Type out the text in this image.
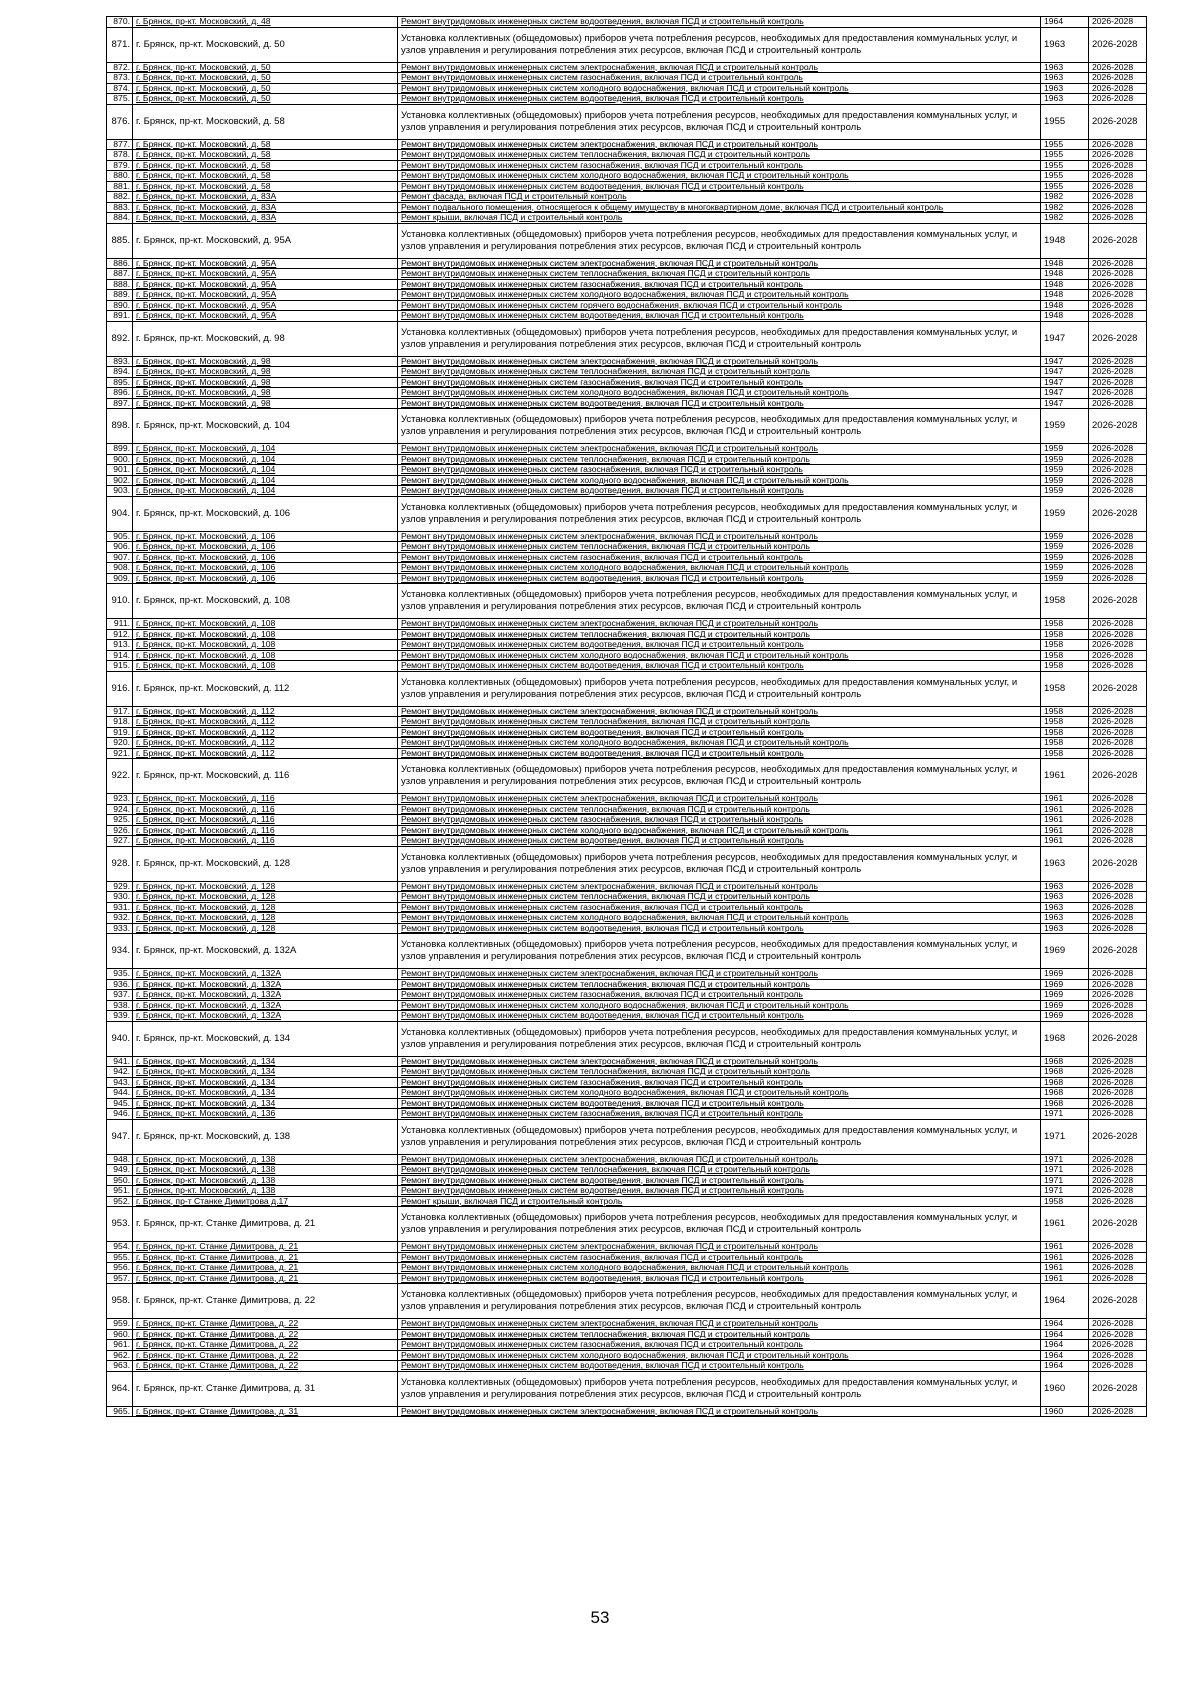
870.	г. Брянск, пр-кт. Московский, д. 48	Ремонт внутридомовых инженерных систем водоотведения, включая ПСД и строительный контроль	1964	2026-2028
871.	г. Брянск, пр-кт. Московский, д. 50	Установка коллективных (общедомовых) приборов учета потребления ресурсов, необходимых для предоставления коммунальных услуг, и узлов управления и регулирования потребления этих ресурсов, включая ПСД и строительный контроль	1963	2026-2028
872.	г. Брянск, пр-кт. Московский, д. 50	Ремонт внутридомовых инженерных систем электроснабжения, включая ПСД и строительный контроль	1963	2026-2028
873.	г. Брянск, пр-кт. Московский, д. 50	Ремонт внутридомовых инженерных систем газоснабжения, включая ПСД и строительный контроль	1963	2026-2028
874.	г. Брянск, пр-кт. Московский, д. 50	Ремонт внутридомовых инженерных систем холодного водоснабжения, включая ПСД и строительный контроль	1963	2026-2028
875.	г. Брянск, пр-кт. Московский, д. 50	Ремонт внутридомовых инженерных систем водоотведения, включая ПСД и строительный контроль	1963	2026-2028
876.	г. Брянск, пр-кт. Московский, д. 58	Установка коллективных (общедомовых) приборов учета потребления ресурсов, необходимых для предоставления коммунальных услуг, и узлов управления и регулирования потребления этих ресурсов, включая ПСД и строительный контроль	1955	2026-2028
877.	г. Брянск, пр-кт. Московский, д. 58	Ремонт внутридомовых инженерных систем электроснабжения, включая ПСД и строительный контроль	1955	2026-2028
878.	г. Брянск, пр-кт. Московский, д. 58	Ремонт внутридомовых инженерных систем теплоснабжения, включая ПСД и строительный контроль	1955	2026-2028
879.	г. Брянск, пр-кт. Московский, д. 58	Ремонт внутридомовых инженерных систем газоснабжения, включая ПСД и строительный контроль	1955	2026-2028
880.	г. Брянск, пр-кт. Московский, д. 58	Ремонт внутридомовых инженерных систем холодного водоснабжения, включая ПСД и строительный контроль	1955	2026-2028
881.	г. Брянск, пр-кт. Московский, д. 58	Ремонт внутридомовых инженерных систем водоотведения, включая ПСД и строительный контроль	1955	2026-2028
882.	г. Брянск, пр-кт. Московский, д. 83А	Ремонт фасада, включая ПСД и строительный контроль	1982	2026-2028
883.	г. Брянск, пр-кт. Московский, д. 83А	Ремонт подвального помещения, относящегося к общему имуществу в многоквартирном доме, включая ПСД и строительный контроль	1982	2026-2028
884.	г. Брянск, пр-кт. Московский, д. 83А	Ремонт крыши, включая ПСД и строительный контроль	1982	2026-2028
885.	г. Брянск, пр-кт. Московский, д. 95А	Установка коллективных (общедомовых) приборов учета потребления ресурсов, необходимых для предоставления коммунальных услуг, и узлов управления и регулирования потребления этих ресурсов, включая ПСД и строительный контроль	1948	2026-2028
886.	г. Брянск, пр-кт. Московский, д. 95А	Ремонт внутридомовых инженерных систем электроснабжения, включая ПСД и строительный контроль	1948	2026-2028
887.	г. Брянск, пр-кт. Московский, д. 95А	Ремонт внутридомовых инженерных систем теплоснабжения, включая ПСД и строительный контроль	1948	2026-2028
888.	г. Брянск, пр-кт. Московский, д. 95А	Ремонт внутридомовых инженерных систем газоснабжения, включая ПСД и строительный контроль	1948	2026-2028
889.	г. Брянск, пр-кт. Московский, д. 95А	Ремонт внутридомовых инженерных систем холодного водоснабжения, включая ПСД и строительный контроль	1948	2026-2028
890.	г. Брянск, пр-кт. Московский, д. 95А	Ремонт внутридомовых инженерных систем горячего водоснабжения, включая ПСД и строительный контроль	1948	2026-2028
891.	г. Брянск, пр-кт. Московский, д. 95А	Ремонт внутридомовых инженерных систем водоотведения, включая ПСД и строительный контроль	1948	2026-2028
892.	г. Брянск, пр-кт. Московский, д. 98	Установка коллективных (общедомовых) приборов учета потребления ресурсов, необходимых для предоставления коммунальных услуг, и узлов управления и регулирования потребления этих ресурсов, включая ПСД и строительный контроль	1947	2026-2028
893.	г. Брянск, пр-кт. Московский, д. 98	Ремонт внутридомовых инженерных систем электроснабжения, включая ПСД и строительный контроль	1947	2026-2028
894.	г. Брянск, пр-кт. Московский, д. 98	Ремонт внутридомовых инженерных систем теплоснабжения, включая ПСД и строительный контроль	1947	2026-2028
895.	г. Брянск, пр-кт. Московский, д. 98	Ремонт внутридомовых инженерных систем газоснабжения, включая ПСД и строительный контроль	1947	2026-2028
896.	г. Брянск, пр-кт. Московский, д. 98	Ремонт внутридомовых инженерных систем холодного водоснабжения, включая ПСД и строительный контроль	1947	2026-2028
897.	г. Брянск, пр-кт. Московский, д. 98	Ремонт внутридомовых инженерных систем водоотведения, включая ПСД и строительный контроль	1947	2026-2028
898.	г. Брянск, пр-кт. Московский, д. 104	Установка коллективных (общедомовых) приборов учета потребления ресурсов, необходимых для предоставления коммунальных услуг, и узлов управления и регулирования потребления этих ресурсов, включая ПСД и строительный контроль	1959	2026-2028
899.	г. Брянск, пр-кт. Московский, д. 104	Ремонт внутридомовых инженерных систем электроснабжения, включая ПСД и строительный контроль	1959	2026-2028
900.	г. Брянск, пр-кт. Московский, д. 104	Ремонт внутридомовых инженерных систем теплоснабжения, включая ПСД и строительный контроль	1959	2026-2028
901.	г. Брянск, пр-кт. Московский, д. 104	Ремонт внутридомовых инженерных систем газоснабжения, включая ПСД и строительный контроль	1959	2026-2028
902.	г. Брянск, пр-кт. Московский, д. 104	Ремонт внутридомовых инженерных систем холодного водоснабжения, включая ПСД и строительный контроль	1959	2026-2028
903.	г. Брянск, пр-кт. Московский, д. 104	Ремонт внутридомовых инженерных систем водоотведения, включая ПСД и строительный контроль	1959	2026-2028
904.	г. Брянск, пр-кт. Московский, д. 106	Установка коллективных (общедомовых) приборов учета потребления ресурсов, необходимых для предоставления коммунальных услуг, и узлов управления и регулирования потребления этих ресурсов, включая ПСД и строительный контроль	1959	2026-2028
905.	г. Брянск, пр-кт. Московский, д. 106	Ремонт внутридомовых инженерных систем электроснабжения, включая ПСД и строительный контроль	1959	2026-2028
906.	г. Брянск, пр-кт. Московский, д. 106	Ремонт внутридомовых инженерных систем теплоснабжения, включая ПСД и строительный контроль	1959	2026-2028
907.	г. Брянск, пр-кт. Московский, д. 106	Ремонт внутридомовых инженерных систем газоснабжения, включая ПСД и строительный контроль	1959	2026-2028
908.	г. Брянск, пр-кт. Московский, д. 106	Ремонт внутридомовых инженерных систем холодного водоснабжения, включая ПСД и строительный контроль	1959	2026-2028
909.	г. Брянск, пр-кт. Московский, д. 106	Ремонт внутридомовых инженерных систем водоотведения, включая ПСД и строительный контроль	1959	2026-2028
910.	г. Брянск, пр-кт. Московский, д. 108	Установка коллективных (общедомовых) приборов учета потребления ресурсов, необходимых для предоставления коммунальных услуг, и узлов управления и регулирования потребления этих ресурсов, включая ПСД и строительный контроль	1958	2026-2028
911.	г. Брянск, пр-кт. Московский, д. 108	Ремонт внутридомовых инженерных систем электроснабжения, включая ПСД и строительный контроль	1958	2026-2028
912.	г. Брянск, пр-кт. Московский, д. 108	Ремонт внутридомовых инженерных систем теплоснабжения, включая ПСД и строительный контроль	1958	2026-2028
913.	г. Брянск, пр-кт. Московский, д. 108	Ремонт внутридомовых инженерных систем водоотведения, включая ПСД и строительный контроль	1958	2026-2028
914.	г. Брянск, пр-кт. Московский, д. 108	Ремонт внутридомовых инженерных систем холодного водоснабжения, включая ПСД и строительный контроль	1958	2026-2028
915.	г. Брянск, пр-кт. Московский, д. 108	Ремонт внутридомовых инженерных систем водоотведения, включая ПСД и строительный контроль	1958	2026-2028
916.	г. Брянск, пр-кт. Московский, д. 112	Установка коллективных (общедомовых) приборов учета потребления ресурсов, необходимых для предоставления коммунальных услуг, и узлов управления и регулирования потребления этих ресурсов, включая ПСД и строительный контроль	1958	2026-2028
917.	г. Брянск, пр-кт. Московский, д. 112	Ремонт внутридомовых инженерных систем электроснабжения, включая ПСД и строительный контроль	1958	2026-2028
918.	г. Брянск, пр-кт. Московский, д. 112	Ремонт внутридомовых инженерных систем теплоснабжения, включая ПСД и строительный контроль	1958	2026-2028
919.	г. Брянск, пр-кт. Московский, д. 112	Ремонт внутридомовых инженерных систем водоотведения, включая ПСД и строительный контроль	1958	2026-2028
920.	г. Брянск, пр-кт. Московский, д. 112	Ремонт внутридомовых инженерных систем холодного водоснабжения, включая ПСД и строительный контроль	1958	2026-2028
921.	г. Брянск, пр-кт. Московский, д. 112	Ремонт внутридомовых инженерных систем водоотведения, включая ПСД и строительный контроль	1958	2026-2028
922.	г. Брянск, пр-кт. Московский, д. 116	Установка коллективных (общедомовых) приборов учета потребления ресурсов, необходимых для предоставления коммунальных услуг, и узлов управления и регулирования потребления этих ресурсов, включая ПСД и строительный контроль	1961	2026-2028
923.	г. Брянск, пр-кт. Московский, д. 116	Ремонт внутридомовых инженерных систем электроснабжения, включая ПСД и строительный контроль	1961	2026-2028
924.	г. Брянск, пр-кт. Московский, д. 116	Ремонт внутридомовых инженерных систем теплоснабжения, включая ПСД и строительный контроль	1961	2026-2028
925.	г. Брянск, пр-кт. Московский, д. 116	Ремонт внутридомовых инженерных систем газоснабжения, включая ПСД и строительный контроль	1961	2026-2028
926.	г. Брянск, пр-кт. Московский, д. 116	Ремонт внутридомовых инженерных систем холодного водоснабжения, включая ПСД и строительный контроль	1961	2026-2028
927.	г. Брянск, пр-кт. Московский, д. 116	Ремонт внутридомовых инженерных систем водоотведения, включая ПСД и строительный контроль	1961	2026-2028
928.	г. Брянск, пр-кт. Московский, д. 128	Установка коллективных (общедомовых) приборов учета потребления ресурсов, необходимых для предоставления коммунальных услуг, и узлов управления и регулирования потребления этих ресурсов, включая ПСД и строительный контроль	1963	2026-2028
929.	г. Брянск, пр-кт. Московский, д. 128	Ремонт внутридомовых инженерных систем электроснабжения, включая ПСД и строительный контроль	1963	2026-2028
930.	г. Брянск, пр-кт. Московский, д. 128	Ремонт внутридомовых инженерных систем теплоснабжения, включая ПСД и строительный контроль	1963	2026-2028
931.	г. Брянск, пр-кт. Московский, д. 128	Ремонт внутридомовых инженерных систем газоснабжения, включая ПСД и строительный контроль	1963	2026-2028
932.	г. Брянск, пр-кт. Московский, д. 128	Ремонт внутридомовых инженерных систем холодного водоснабжения, включая ПСД и строительный контроль	1963	2026-2028
933.	г. Брянск, пр-кт. Московский, д. 128	Ремонт внутридомовых инженерных систем водоотведения, включая ПСД и строительный контроль	1963	2026-2028
934.	г. Брянск, пр-кт. Московский, д. 132А	Установка коллективных (общедомовых) приборов учета потребления ресурсов, необходимых для предоставления коммунальных услуг, и узлов управления и регулирования потребления этих ресурсов, включая ПСД и строительный контроль	1969	2026-2028
935.	г. Брянск, пр-кт. Московский, д. 132А	Ремонт внутридомовых инженерных систем электроснабжения, включая ПСД и строительный контроль	1969	2026-2028
936.	г. Брянск, пр-кт. Московский, д. 132А	Ремонт внутридомовых инженерных систем теплоснабжения, включая ПСД и строительный контроль	1969	2026-2028
937.	г. Брянск, пр-кт. Московский, д. 132А	Ремонт внутридомовых инженерных систем газоснабжения, включая ПСД и строительный контроль	1969	2026-2028
938.	г. Брянск, пр-кт. Московский, д. 132А	Ремонт внутридомовых инженерных систем холодного водоснабжения, включая ПСД и строительный контроль	1969	2026-2028
939.	г. Брянск, пр-кт. Московский, д. 132А	Ремонт внутридомовых инженерных систем водоотведения, включая ПСД и строительный контроль	1969	2026-2028
940.	г. Брянск, пр-кт. Московский, д. 134	Установка коллективных (общедомовых) приборов учета потребления ресурсов, необходимых для предоставления коммунальных услуг, и узлов управления и регулирования потребления этих ресурсов, включая ПСД и строительный контроль	1968	2026-2028
941.	г. Брянск, пр-кт. Московский, д. 134	Ремонт внутридомовых инженерных систем электроснабжения, включая ПСД и строительный контроль	1968	2026-2028
942.	г. Брянск, пр-кт. Московский, д. 134	Ремонт внутридомовых инженерных систем теплоснабжения, включая ПСД и строительный контроль	1968	2026-2028
943.	г. Брянск, пр-кт. Московский, д. 134	Ремонт внутридомовых инженерных систем газоснабжения, включая ПСД и строительный контроль	1968	2026-2028
944.	г. Брянск, пр-кт. Московский, д. 134	Ремонт внутридомовых инженерных систем холодного водоснабжения, включая ПСД и строительный контроль	1968	2026-2028
945.	г. Брянск, пр-кт. Московский, д. 134	Ремонт внутридомовых инженерных систем водоотведения, включая ПСД и строительный контроль	1968	2026-2028
946.	г. Брянск, пр-кт. Московский, д. 136	Ремонт внутридомовых инженерных систем газоснабжения, включая ПСД и строительный контроль	1971	2026-2028
947.	г. Брянск, пр-кт. Московский, д. 138	Установка коллективных (общедомовых) приборов учета потребления ресурсов, необходимых для предоставления коммунальных услуг, и узлов управления и регулирования потребления этих ресурсов, включая ПСД и строительный контроль	1971	2026-2028
948.	г. Брянск, пр-кт. Московский, д. 138	Ремонт внутридомовых инженерных систем электроснабжения, включая ПСД и строительный контроль	1971	2026-2028
949.	г. Брянск, пр-кт. Московский, д. 138	Ремонт внутридомовых инженерных систем теплоснабжения, включая ПСД и строительный контроль	1971	2026-2028
950.	г. Брянск, пр-кт. Московский, д. 138	Ремонт внутридомовых инженерных систем водоотведения, включая ПСД и строительный контроль	1971	2026-2028
951.	г. Брянск, пр-кт. Московский, д. 138	Ремонт внутридомовых инженерных систем водоотведения, включая ПСД и строительный контроль	1971	2026-2028
952.	г. Брянск, пр-т Станке Димитрова д.17	Ремонт крыши, включая ПСД и строительный контроль	1958	2026-2028
953.	г. Брянск, пр-кт. Станке Димитрова, д. 21	Установка коллективных (общедомовых) приборов учета потребления ресурсов, необходимых для предоставления коммунальных услуг, и узлов управления и регулирования потребления этих ресурсов, включая ПСД и строительный контроль	1961	2026-2028
954.	г. Брянск, пр-кт. Станке Димитрова, д. 21	Ремонт внутридомовых инженерных систем электроснабжения, включая ПСД и строительный контроль	1961	2026-2028
955.	г. Брянск, пр-кт. Станке Димитрова, д. 21	Ремонт внутридомовых инженерных систем газоснабжения, включая ПСД и строительный контроль	1961	2026-2028
956.	г. Брянск, пр-кт. Станке Димитрова, д. 21	Ремонт внутридомовых инженерных систем холодного водоснабжения, включая ПСД и строительный контроль	1961	2026-2028
957.	г. Брянск, пр-кт. Станке Димитрова, д. 21	Ремонт внутридомовых инженерных систем водоотведения, включая ПСД и строительный контроль	1961	2026-2028
958.	г. Брянск, пр-кт. Станке Димитрова, д. 22	Установка коллективных (общедомовых) приборов учета потребления ресурсов, необходимых для предоставления коммунальных услуг, и узлов управления и регулирования потребления этих ресурсов, включая ПСД и строительный контроль	1964	2026-2028
959.	г. Брянск, пр-кт. Станке Димитрова, д. 22	Ремонт внутридомовых инженерных систем электроснабжения, включая ПСД и строительный контроль	1964	2026-2028
960.	г. Брянск, пр-кт. Станке Димитрова, д. 22	Ремонт внутридомовых инженерных систем теплоснабжения, включая ПСД и строительный контроль	1964	2026-2028
961.	г. Брянск, пр-кт. Станке Димитрова, д. 22	Ремонт внутридомовых инженерных систем газоснабжения, включая ПСД и строительный контроль	1964	2026-2028
962.	г. Брянск, пр-кт. Станке Димитрова, д. 22	Ремонт внутридомовых инженерных систем холодного водоснабжения, включая ПСД и строительный контроль	1964	2026-2028
963.	г. Брянск, пр-кт. Станке Димитрова, д. 22	Ремонт внутридомовых инженерных систем водоотведения, включая ПСД и строительный контроль	1964	2026-2028
964.	г. Брянск, пр-кт. Станке Димитрова, д. 31	Установка коллективных (общедомовых) приборов учета потребления ресурсов, необходимых для предоставления коммунальных услуг, и узлов управления и регулирования потребления этих ресурсов, включая ПСД и строительный контроль	1960	2026-2028
965.	г. Брянск, пр-кт. Станке Димитрова, д. 31	Ремонт внутридомовых инженерных систем электроснабжения, включая ПСД и строительный контроль	1960	2026-2028
53
